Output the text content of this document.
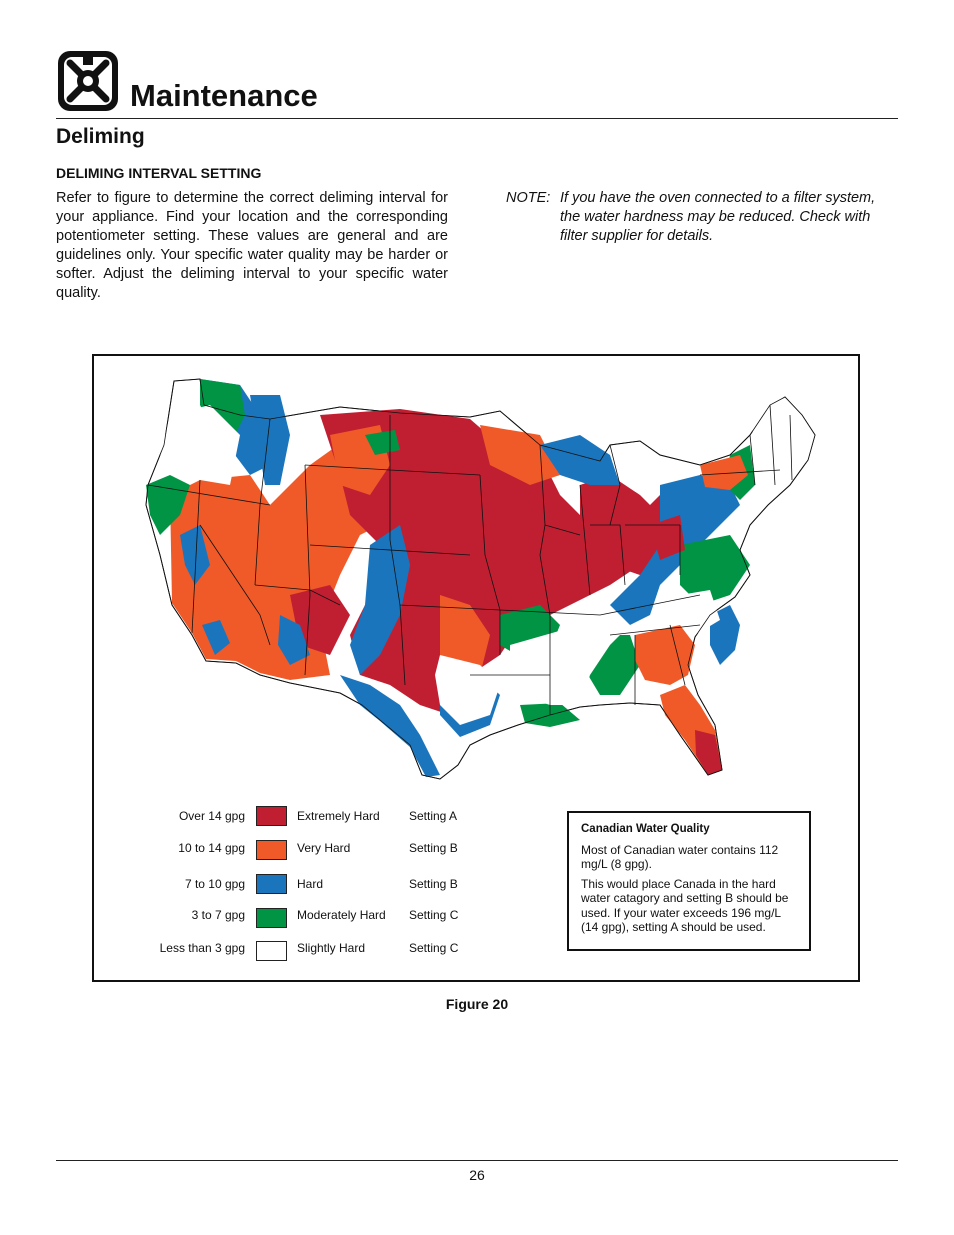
Maintenance
Deliming
DELIMING INTERVAL SETTING

Refer to figure to determine the correct deliming interval for your appliance. Find your location and the corresponding potentiometer setting. These values are general and are guidelines only. Your specific water quality may be harder or softer. Adjust the deliming interval to your specific water quality.

NOTE: If you have the oven connected to a filter system, the water hardness may be reduced. Check with filter supplier for details.
Over 14 gpg	Extremely Hard Setting A
10 to 14 gpg	Very Hard	Setting B
7 to 10 gpg	Hard	Setting B
3 to 7 gpg	Moderately Hard Setting C
Less than 3 gpg	Slightly Hard	Setting C

Canadian Water Quality

Most of Canadian water contains 112 mg/L (8 gpg).

This would place Canada in the hard water catagory and setting B should be used. If your water exceeds 196 mg/L (14 gpg), setting A should be used.

Figure 20
26
